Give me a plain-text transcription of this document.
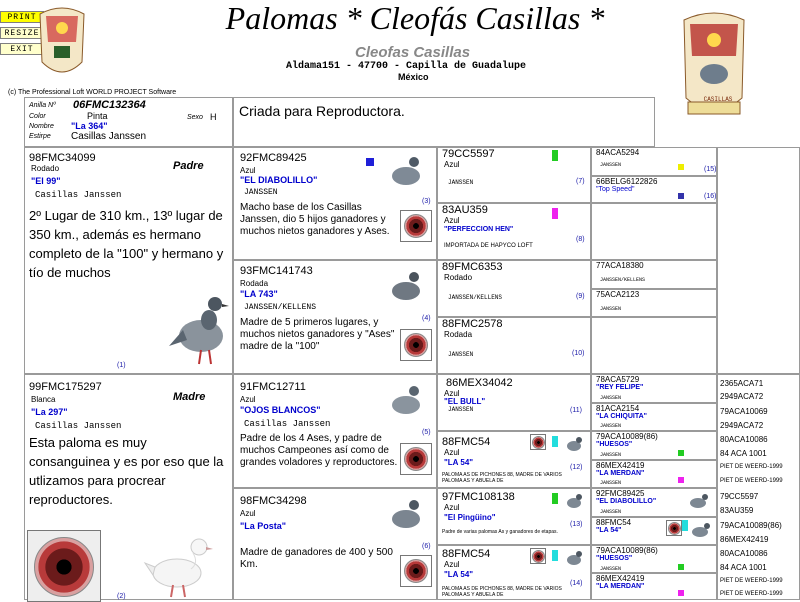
PRINT
RESIZE
EXIT
CASILLAS
Palomas * Cleofás Casillas *
Cleofas Casillas
Aldama151 - 47700 - Capilla de Guadalupe
México
(c) The Professional Loft WORLD PROJECT Software
Anilla Nº 06FMC132364
Color	Pinta	Sexo H
Nombre "La 364"
Estirpe Casillas Janssen
Criada para Reproductora.
98FMC34099
Padre
Rodado
"El 99"
Casillas Janssen
2º Lugar de 310 km., 13º lugar de 350 km., además es hermano completo de la "100" y hermano y tío de muchos
(1)
99FMC175297
Madre
Blanca
"La 297"
Casillas Janssen
Esta paloma es muy consanguinea y es por eso que la utlizamos para procrear reproductores.
(2)
92FMC89425
Azul
"EL DIABOLILLO"
JANSSEN
Macho base de los Casillas Janssen, dio 5 hijos ganadores y muchos nietos ganadores y Ases.
(3)
93FMC141743
Rodada
"LA 743"
JANSSEN/KELLENS
Madre de 5 primeros lugares, y muchos nietos ganadores y "Ases" madre de la "100"
(4)
91FMC12711
Azul
"OJOS BLANCOS"
Casillas Janssen
Padre de los 4 Ases, y padre de muchos Campeones así como de grandes voladores y reproductores.
(5)
98FMC34298
Azul
"La Posta"
Madre de ganadores de 400 y 500 Km.
(6)
79CC5597
Azul
JANSSEN	(7)
83AU359
Azul
"PERFECCION HEN"
IMPORTADA DE HAPYCO LOFT
(8)
89FMC6353
Rodado
JANSSEN/KELLENS	(9)
88FMC2578
Rodada
JANSSEN	(10)
86MEX34042
Azul
"EL BULL"
JANSSEN	(11)
88FMC54
Azul
"LA 54"
PALOMA AS DE PICHONES 88, MADRE DE VARIOS PALOMA AS Y ABUELA DE
(12)
97FMC108138
Azul
"El Pingüino"
Padre de varias palomas As y ganadores de etapas.
(13)
88FMC54
Azul
"LA 54"
PALOMA AS DE PICHONES 88, MADRE DE VARIOS PALOMA AS Y ABUELA DE
(14)
84ACA5294
JANSSEN
(15)
66BELG6122826
"Top Speed"
(16)
77ACA18380
JANSSEN/KELLENS
75ACA2123
JANSSEN
78ACA5729
"REY FELIPE"
JANSSEN
81ACA2154
"LA CHIQUITA"
JANSSEN
79ACA10089(86)
"HUESOS"
JANSSEN
86MEX42419
"LA MERDAN"
JANSSEN
92FMC89425
"EL DIABOLILLO"
JANSSEN
88FMC54
"LA 54"
79ACA10089(86)
"HUESOS"
JANSSEN
86MEX42419
"LA MERDAN"
2365ACA71
2949ACA72
79ACA10069
2949ACA72
80ACA10086
84 ACA 1001
PIET DE WEERD-1999
PIET DE WEERD-1999
79CC5597
83AU359
79ACA10089(86)
86MEX42419
80ACA10086
84 ACA 1001
PIET DE WEERD-1999
PIET DE WEERD-1999
